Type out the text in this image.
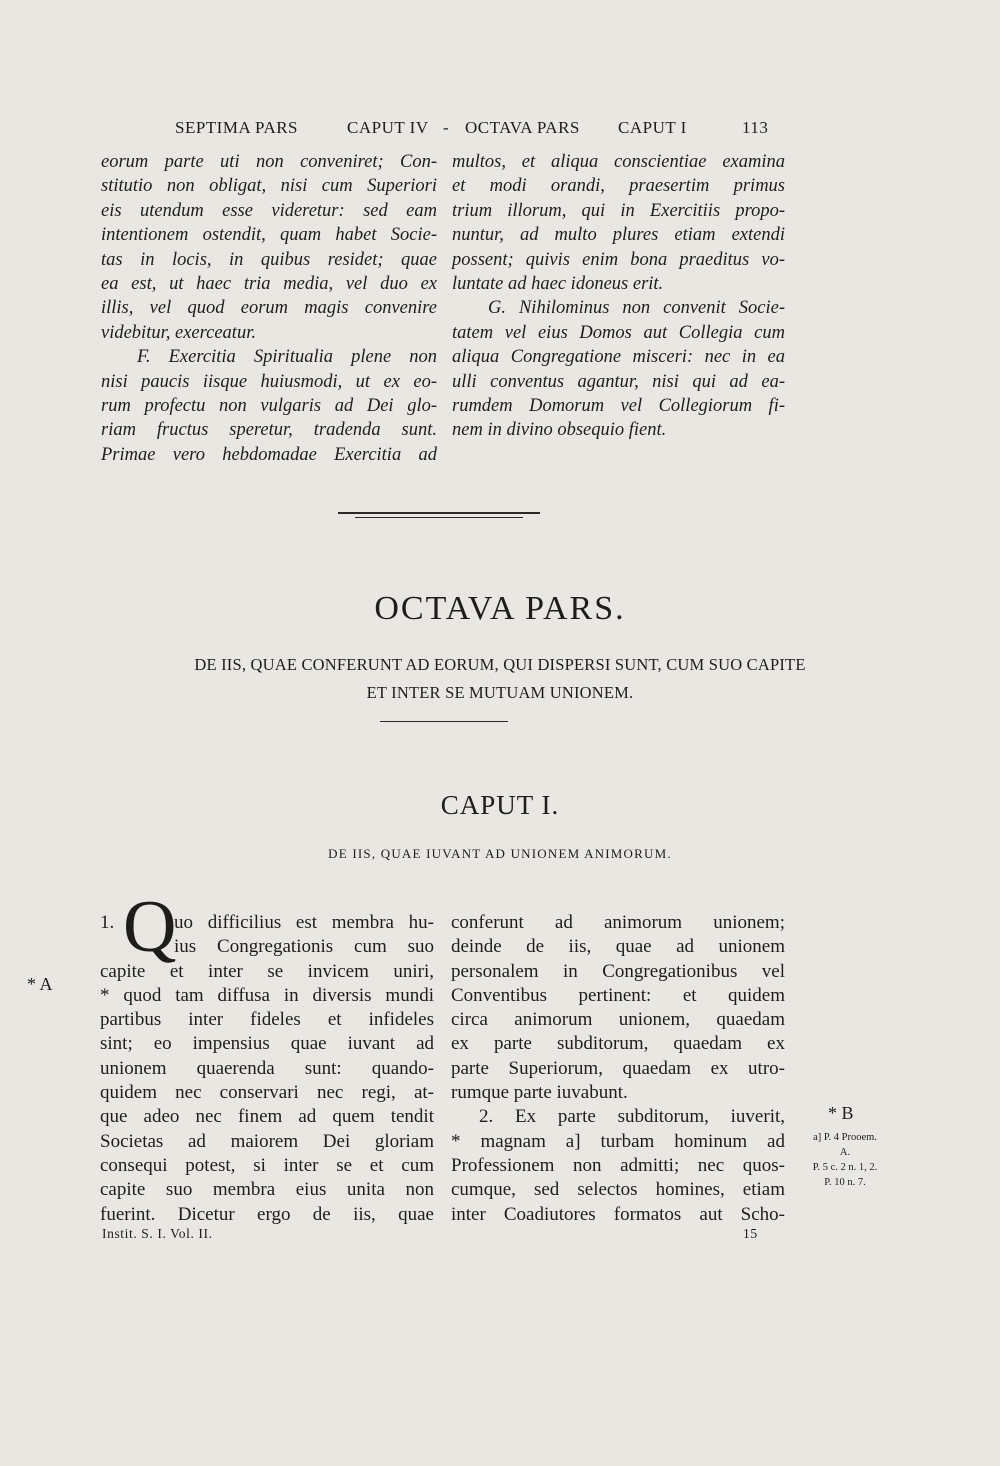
SEPTIMA PARS	CAPUT IV - OCTAVA PARS CAPUT I	113
eorum parte uti non conveniret; Con-
stitutio non obligat, nisi cum Superiori
eis utendum esse videretur: sed eam
intentionem ostendit, quam habet Socie-
tas in locis, in quibus residet; quae
ea est, ut haec tria media, vel duo ex
illis, vel quod eorum magis convenire
videbitur, exerceatur.
F. Exercitia Spiritualia plene non
nisi paucis iisque huiusmodi, ut ex eo-
rum profectu non vulgaris ad Dei glo-
riam fructus speretur, tradenda sunt.
Primae vero hebdomadae Exercitia ad
multos, et aliqua conscientiae examina
et modi orandi, praesertim primus
trium illorum, qui in Exercitiis propo-
nuntur, ad multo plures etiam extendi
possent; quivis enim bona praeditus vo-
luntate ad haec idoneus erit.
G. Nihilominus non convenit Socie-
tatem vel eius Domos aut Collegia cum
aliqua Congregatione misceri: nec in ea
ulli conventus agantur, nisi qui ad ea-
rumdem Domorum vel Collegiorum fi-
nem in divino obsequio fient.
OCTAVA PARS.
DE IIS, QUAE CONFERUNT AD EORUM, QUI DISPERSI SUNT, CUM SUO CAPITE
ET INTER SE MUTUAM UNIONEM.
CAPUT I.
DE IIS, QUAE IUVANT AD UNIONEM ANIMORUM.
Q
1.	uo difficilius est membra hu-
ius Congregationis cum suo
capite et inter se invicem uniri,
* quod tam diffusa in diversis mundi
partibus inter fideles et infideles
sint; eo impensius quae iuvant ad
unionem quaerenda sunt: quando-
quidem nec conservari nec regi, at-
que adeo nec finem ad quem tendit
Societas ad maiorem Dei gloriam
consequi potest, si inter se et cum
capite suo membra eius unita non
fuerint. Dicetur ergo de iis, quae
conferunt ad animorum unionem;
deinde de iis, quae ad unionem
personalem in Congregationibus vel
Conventibus pertinent: et quidem
circa animorum unionem, quaedam
ex parte subditorum, quaedam ex
parte Superiorum, quaedam ex utro-
rumque parte iuvabunt.
2. Ex parte subditorum, iuverit,
* magnam a] turbam hominum ad
Professionem non admitti; nec quos-
cumque, sed selectos homines, etiam
inter Coadiutores formatos aut Scho-
* A
* B
a] P. 4 Prooem.
A.
P. 5 c. 2 n. 1, 2.
P. 10 n. 7.
Instit. S. I. Vol. II.	15
